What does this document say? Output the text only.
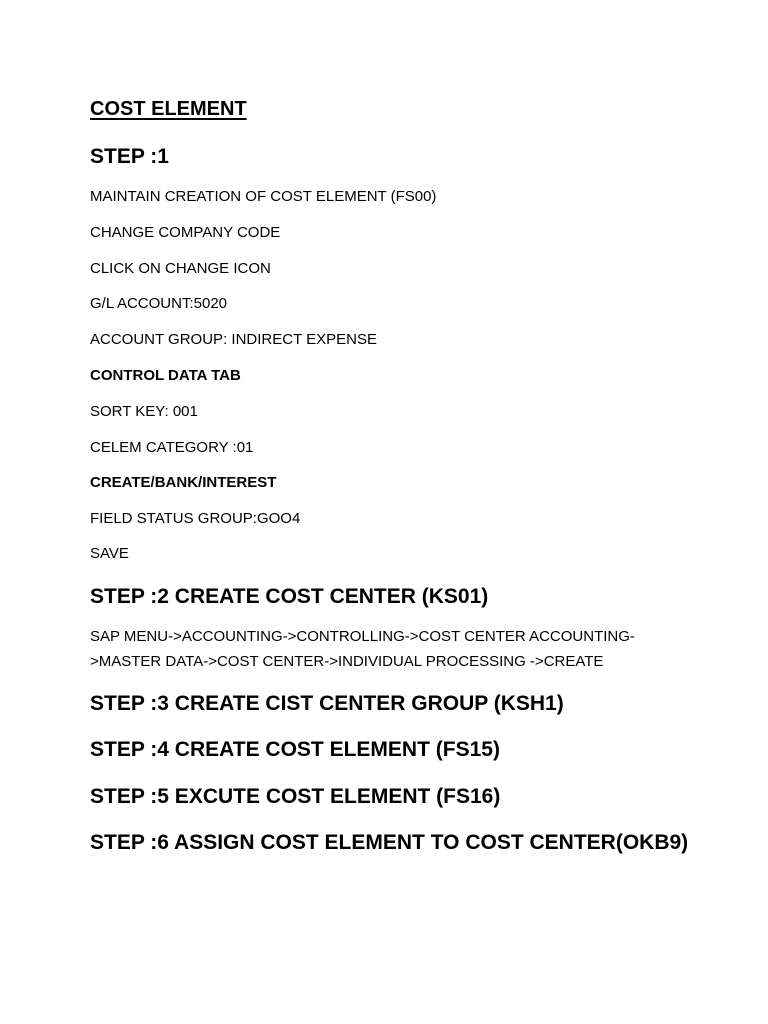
COST ELEMENT
STEP :1
MAINTAIN CREATION OF COST ELEMENT (FS00)
CHANGE COMPANY CODE
CLICK ON CHANGE ICON
G/L ACCOUNT:5020
ACCOUNT GROUP: INDIRECT EXPENSE
CONTROL DATA TAB
SORT KEY: 001
CELEM CATEGORY :01
CREATE/BANK/INTEREST
FIELD STATUS GROUP:GOO4
SAVE
STEP :2 CREATE COST CENTER (KS01)
SAP MENU->ACCOUNTING->CONTROLLING->COST CENTER ACCOUNTING-
>MASTER DATA->COST CENTER->INDIVIDUAL PROCESSING ->CREATE
STEP :3 CREATE CIST CENTER GROUP (KSH1)
STEP :4 CREATE COST ELEMENT (FS15)
STEP :5 EXCUTE COST ELEMENT (FS16)
STEP :6 ASSIGN COST ELEMENT TO COST CENTER(OKB9)
